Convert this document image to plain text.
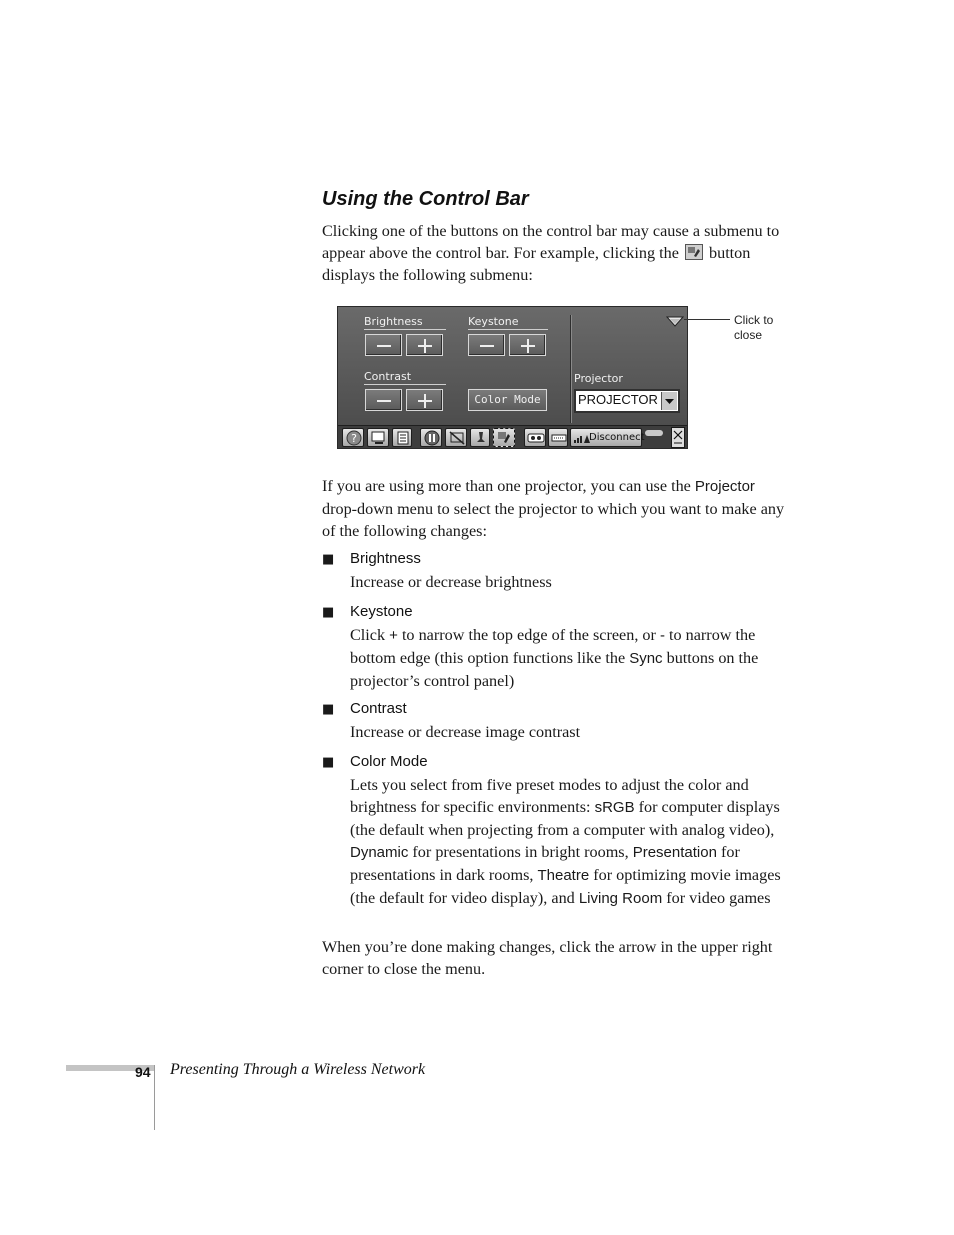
Using the Control Bar
Clicking one of the buttons on the control bar may cause a submenu to appear above the control bar. For example, clicking the button displays the following submenu:
Brightness	Keystone
Contrast
Color Mode
Projector
PROJECTOR
?	Disconnect
Click to close
If you are using more than one projector, you can use the Projector drop-down menu to select the projector to which you want to make any of the following changes:
■ Brightness
Increase or decrease brightness
■ Keystone
Click + to narrow the top edge of the screen, or - to narrow the bottom edge (this option functions like the Sync buttons on the projector’s control panel)
■ Contrast
Increase or decrease image contrast
■ Color Mode
Lets you select from five preset modes to adjust the color and brightness for specific environments: sRGB for computer displays (the default when projecting from a computer with analog video), Dynamic for presentations in bright rooms, Presentation for presentations in dark rooms, Theatre for optimizing movie images (the default for video display), and Living Room for video games
When you’re done making changes, click the arrow in the upper right corner to close the menu.
94 Presenting Through a Wireless Network
